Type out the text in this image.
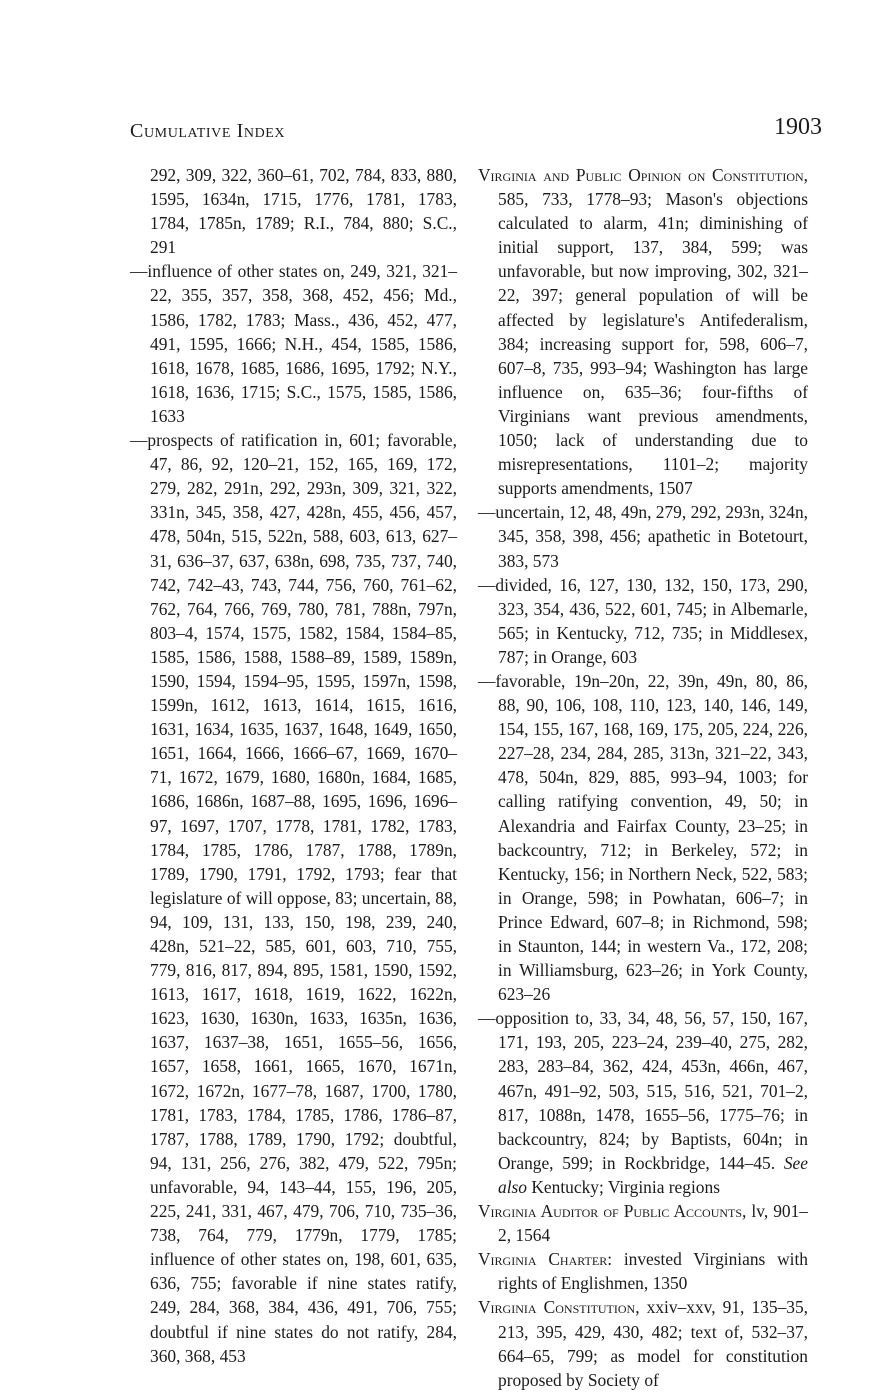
Cumulative Index	1903

292, 309, 322, 360–61, 702, 784, 833, 880, 1595, 1634n, 1715, 1776, 1781, 1783, 1784, 1785n, 1789; R.I., 784, 880; S.C., 291

—influence of other states on, 249, 321, 321–22, 355, 357, 358, 368, 452, 456; Md., 1586, 1782, 1783; Mass., 436, 452, 477, 491, 1595, 1666; N.H., 454, 1585, 1586, 1618, 1678, 1685, 1686, 1695, 1792; N.Y., 1618, 1636, 1715; S.C., 1575, 1585, 1586, 1633

—prospects of ratification in, 601; favorable, 47, 86, 92, 120–21, 152, 165, 169, 172, 279, 282, 291n, 292, 293n, 309, 321, 322, 331n, 345, 358, 427, 428n, 455, 456, 457, 478, 504n, 515, 522n, 588, 603, 613, 627–31, 636–37, 637, 638n, 698, 735, 737, 740, 742, 742–43, 743, 744, 756, 760, 761–62, 762, 764, 766, 769, 780, 781, 788n, 797n, 803–4, 1574, 1575, 1582, 1584, 1584–85, 1585, 1586, 1588, 1588–89, 1589, 1589n, 1590, 1594, 1594–95, 1595, 1597n, 1598, 1599n, 1612, 1613, 1614, 1615, 1616, 1631, 1634, 1635, 1637, 1648, 1649, 1650, 1651, 1664, 1666, 1666–67, 1669, 1670–71, 1672, 1679, 1680, 1680n, 1684, 1685, 1686, 1686n, 1687–88, 1695, 1696, 1696–97, 1697, 1707, 1778, 1781, 1782, 1783, 1784, 1785, 1786, 1787, 1788, 1789n, 1789, 1790, 1791, 1792, 1793; fear that legislature of will oppose, 83; uncertain, 88, 94, 109, 131, 133, 150, 198, 239, 240, 428n, 521–22, 585, 601, 603, 710, 755, 779, 816, 817, 894, 895, 1581, 1590, 1592, 1613, 1617, 1618, 1619, 1622, 1622n, 1623, 1630, 1630n, 1633, 1635n, 1636, 1637, 1637–38, 1651, 1655–56, 1656, 1657, 1658, 1661, 1665, 1670, 1671n, 1672, 1672n, 1677–78, 1687, 1700, 1780, 1781, 1783, 1784, 1785, 1786, 1786–87, 1787, 1788, 1789, 1790, 1792; doubtful, 94, 131, 256, 276, 382, 479, 522, 795n; unfavorable, 94, 143–44, 155, 196, 205, 225, 241, 331, 467, 479, 706, 710, 735–36, 738, 764, 779, 1779n, 1779, 1785; influence of other states on, 198, 601, 635, 636, 755; favorable if nine states ratify, 249, 284, 368, 384, 436, 491, 706, 755; doubtful if nine states do not ratify, 284, 360, 368, 453

Virginia and Public Opinion on Constitution, 585, 733, 1778–93; Mason's objections calculated to alarm, 41n; diminishing of initial support, 137, 384, 599; was unfavorable, but now improving, 302, 321–22, 397; general population of will be affected by legislature's Antifederalism, 384; increasing support for, 598, 606–7, 607–8, 735, 993–94; Washington has large influence on, 635–36; four-fifths of Virginians want previous amendments, 1050; lack of understanding due to misrepresentations, 1101–2; majority supports amendments, 1507

—uncertain, 12, 48, 49n, 279, 292, 293n, 324n, 345, 358, 398, 456; apathetic in Botetourt, 383, 573

—divided, 16, 127, 130, 132, 150, 173, 290, 323, 354, 436, 522, 601, 745; in Albemarle, 565; in Kentucky, 712, 735; in Middlesex, 787; in Orange, 603

—favorable, 19n–20n, 22, 39n, 49n, 80, 86, 88, 90, 106, 108, 110, 123, 140, 146, 149, 154, 155, 167, 168, 169, 175, 205, 224, 226, 227–28, 234, 284, 285, 313n, 321–22, 343, 478, 504n, 829, 885, 993–94, 1003; for calling ratifying convention, 49, 50; in Alexandria and Fairfax County, 23–25; in backcountry, 712; in Berkeley, 572; in Kentucky, 156; in Northern Neck, 522, 583; in Orange, 598; in Powhatan, 606–7; in Prince Edward, 607–8; in Richmond, 598; in Staunton, 144; in western Va., 172, 208; in Williamsburg, 623–26; in York County, 623–26

—opposition to, 33, 34, 48, 56, 57, 150, 167, 171, 193, 205, 223–24, 239–40, 275, 282, 283, 283–84, 362, 424, 453n, 466n, 467, 467n, 491–92, 503, 515, 516, 521, 701–2, 817, 1088n, 1478, 1655–56, 1775–76; in backcountry, 824; by Baptists, 604n; in Orange, 599; in Rockbridge, 144–45. See also Kentucky; Virginia regions

Virginia Auditor of Public Accounts, lv, 901–2, 1564

Virginia Charter: invested Virginians with rights of Englishmen, 1350

Virginia Constitution, xxiv–xxv, 91, 135–35, 213, 395, 429, 430, 482; text of, 532–37, 664–65, 799; as model for constitution proposed by Society of
